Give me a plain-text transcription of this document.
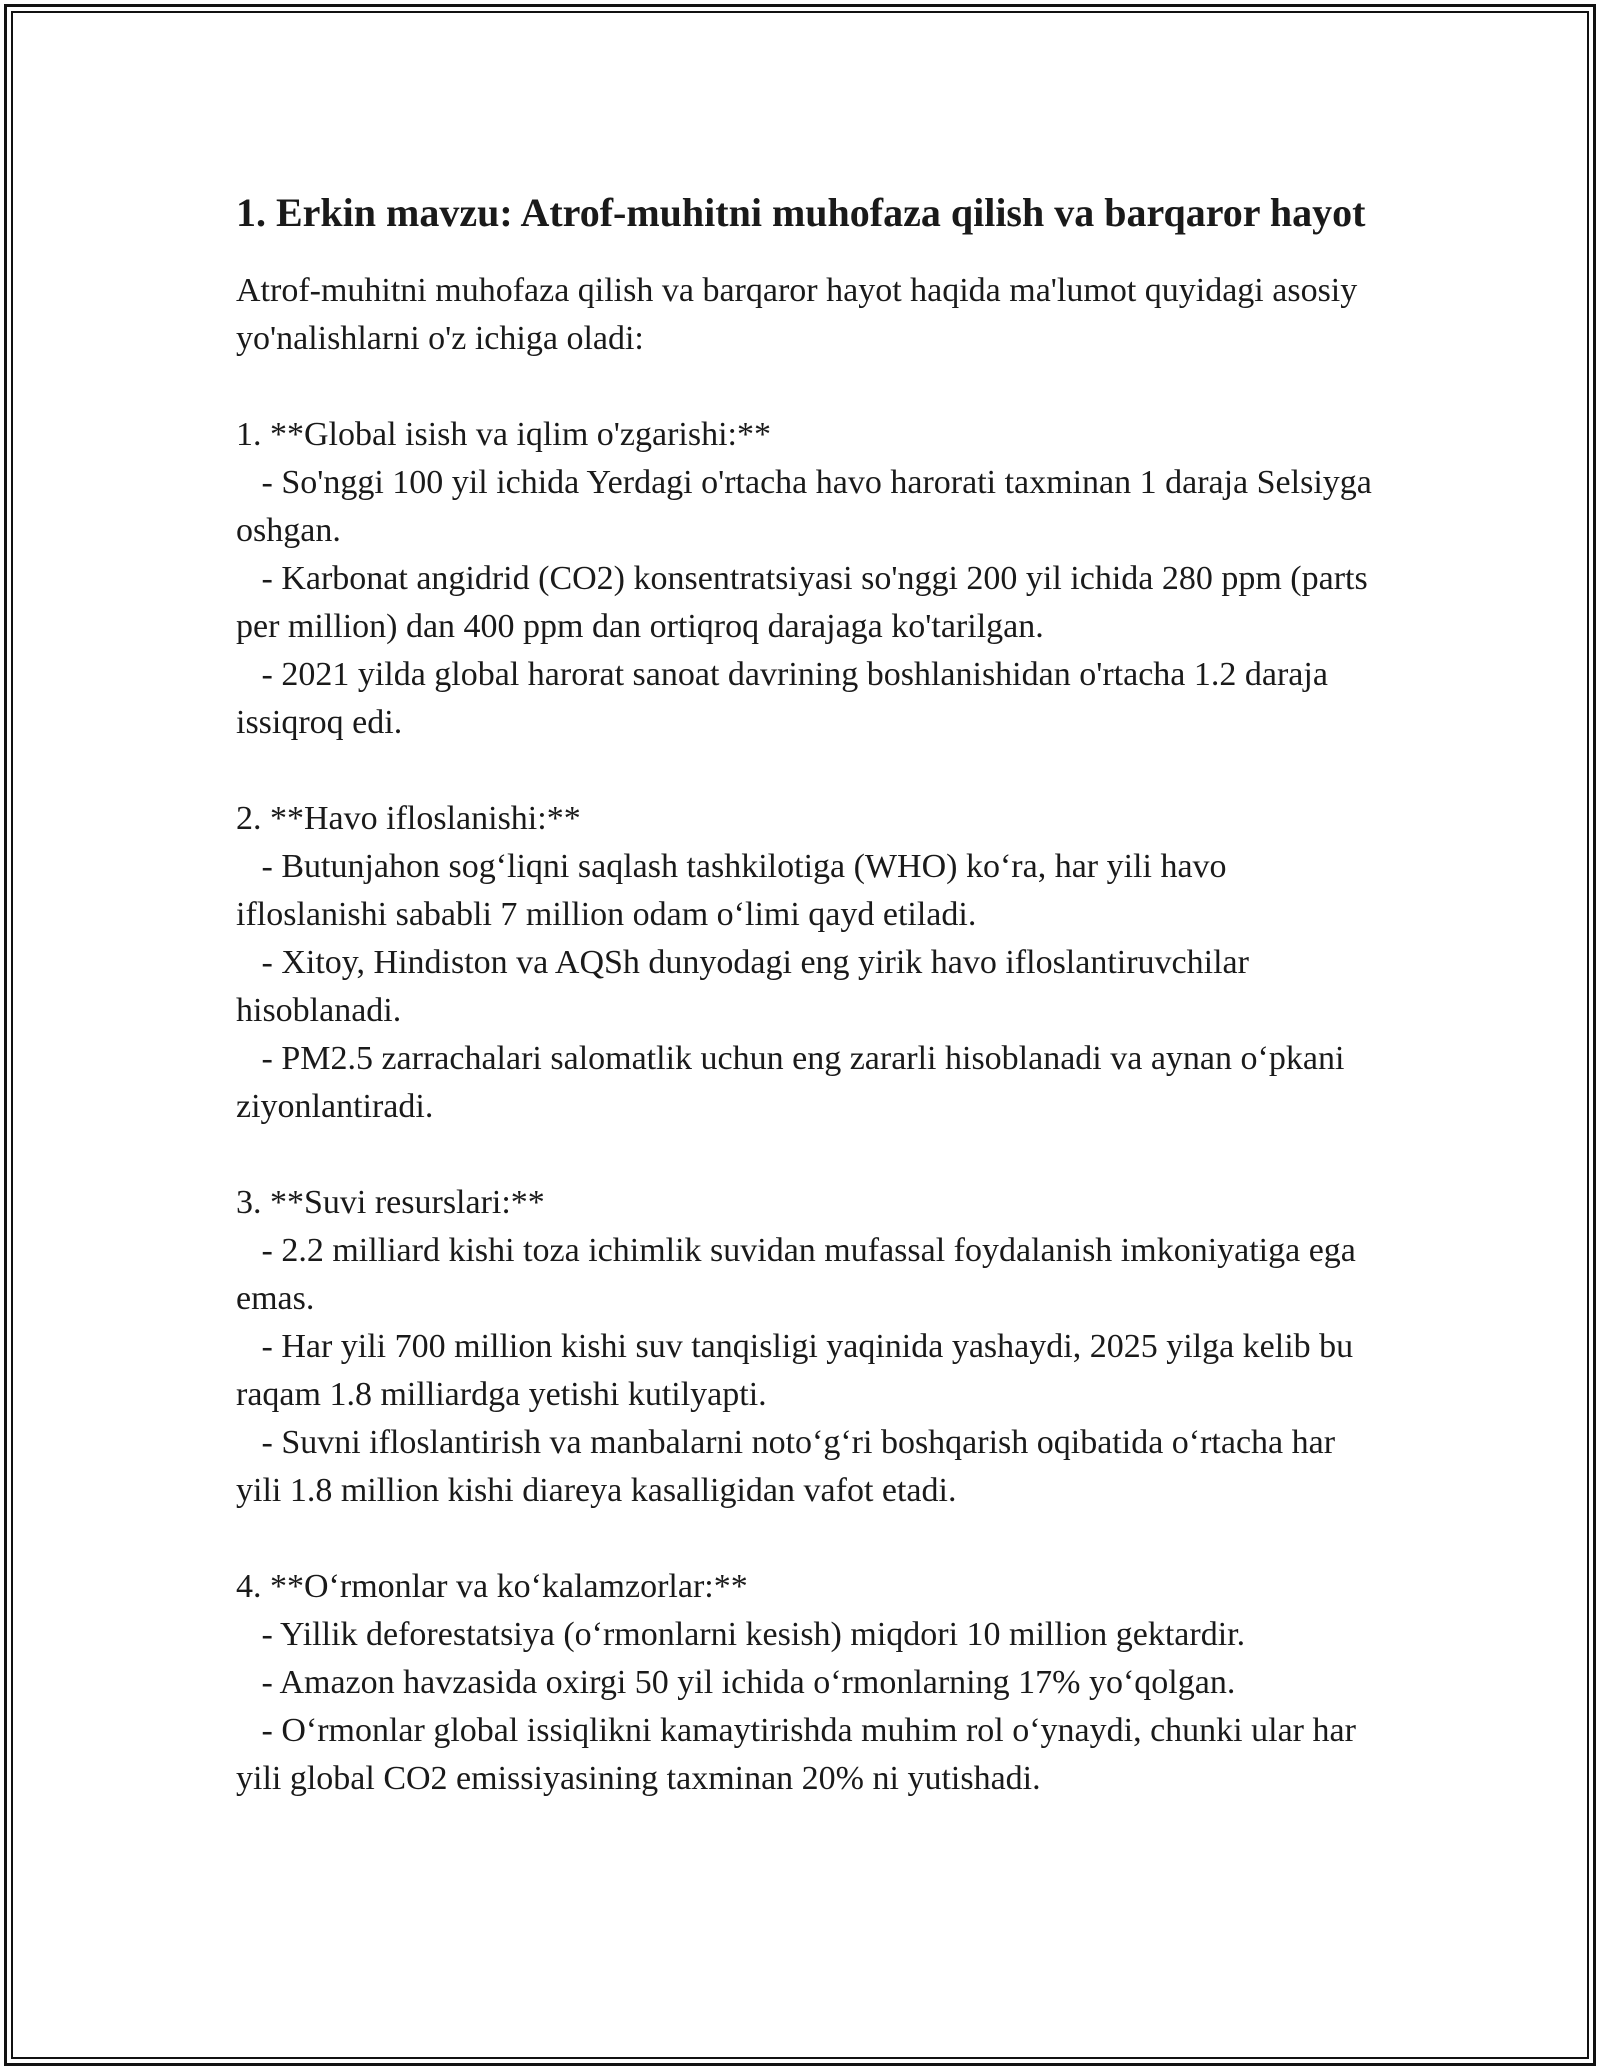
1. Erkin mavzu: Atrof-muhitni muhofaza qilish va barqaror hayot

Atrof-muhitni muhofaza qilish va barqaror hayot haqida ma'lumot quyidagi asosiy yo'nalishlarni o'z ichiga oladi:

1. **Global isish va iqlim o'zgarishi:**

- So'nggi 100 yil ichida Yerdagi o'rtacha havo harorati taxminan 1 daraja Selsiyga oshgan.

- Karbonat angidrid (CO2) konsentratsiyasi so'nggi 200 yil ichida 280 ppm (parts per million) dan 400 ppm dan ortiqroq darajaga ko'tarilgan.

- 2021 yilda global harorat sanoat davrining boshlanishidan o'rtacha 1.2 daraja issiqroq edi.

2. **Havo ifloslanishi:**

- Butunjahon sog‘liqni saqlash tashkilotiga (WHO) ko‘ra, har yili havo ifloslanishi sababli 7 million odam o‘limi qayd etiladi.

- Xitoy, Hindiston va AQSh dunyodagi eng yirik havo ifloslantiruvchilar hisoblanadi.

- PM2.5 zarrachalari salomatlik uchun eng zararli hisoblanadi va aynan o‘pkani ziyonlantiradi.

3. **Suvi resurslari:**

- 2.2 milliard kishi toza ichimlik suvidan mufassal foydalanish imkoniyatiga ega emas.

- Har yili 700 million kishi suv tanqisligi yaqinida yashaydi, 2025 yilga kelib bu raqam 1.8 milliardga yetishi kutilyapti.

- Suvni ifloslantirish va manbalarni noto‘g‘ri boshqarish oqibatida o‘rtacha har yili 1.8 million kishi diareya kasalligidan vafot etadi.

4. **O‘rmonlar va ko‘kalamzorlar:**

- Yillik deforestatsiya (o‘rmonlarni kesish) miqdori 10 million gektardir.

- Amazon havzasida oxirgi 50 yil ichida o‘rmonlarning 17% yo‘qolgan.

- O‘rmonlar global issiqlikni kamaytirishda muhim rol o‘ynaydi, chunki ular har yili global CO2 emissiyasining taxminan 20% ni yutishadi.
